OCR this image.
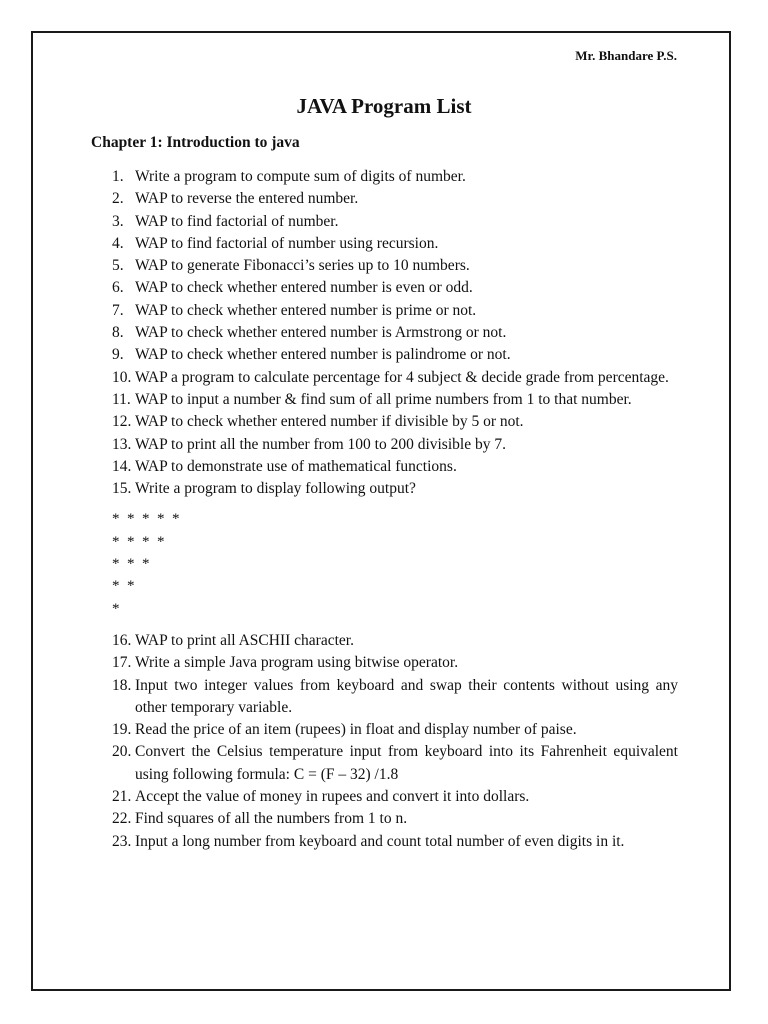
Mr. Bhandare P.S.
JAVA Program List
Chapter 1: Introduction to java
1. Write a program to compute sum of digits of number.
2. WAP to reverse the entered number.
3. WAP to find factorial of number.
4. WAP to find factorial of number using recursion.
5. WAP to generate Fibonacci’s series up to 10 numbers.
6. WAP to check whether entered number is even or odd.
7. WAP to check whether entered number is prime or not.
8. WAP to check whether entered number is Armstrong or not.
9. WAP to check whether entered number is palindrome or not.
10. WAP a program to calculate percentage for 4 subject & decide grade from percentage.
11. WAP to input a number & find sum of all prime numbers from 1 to that number.
12. WAP to check whether entered number if divisible by 5 or not.
13. WAP to print all the number from 100 to 200 divisible by 7.
14. WAP to demonstrate use of mathematical functions.
15. Write a program to display following output?
*  *  *  *  *
*  *  *  *
*  *  *
*  *
*
16. WAP to print all ASCHII character.
17. Write a simple Java program using bitwise operator.
18. Input two integer values from keyboard and swap their contents without using any other temporary variable.
19. Read the price of an item (rupees) in float and display number of paise.
20. Convert the Celsius temperature input from keyboard into its Fahrenheit equivalent using following formula: C = (F – 32) /1.8
21. Accept the value of money in rupees and convert it into dollars.
22. Find squares of all the numbers from 1 to n.
23. Input a long number from keyboard and count total number of even digits in it.
